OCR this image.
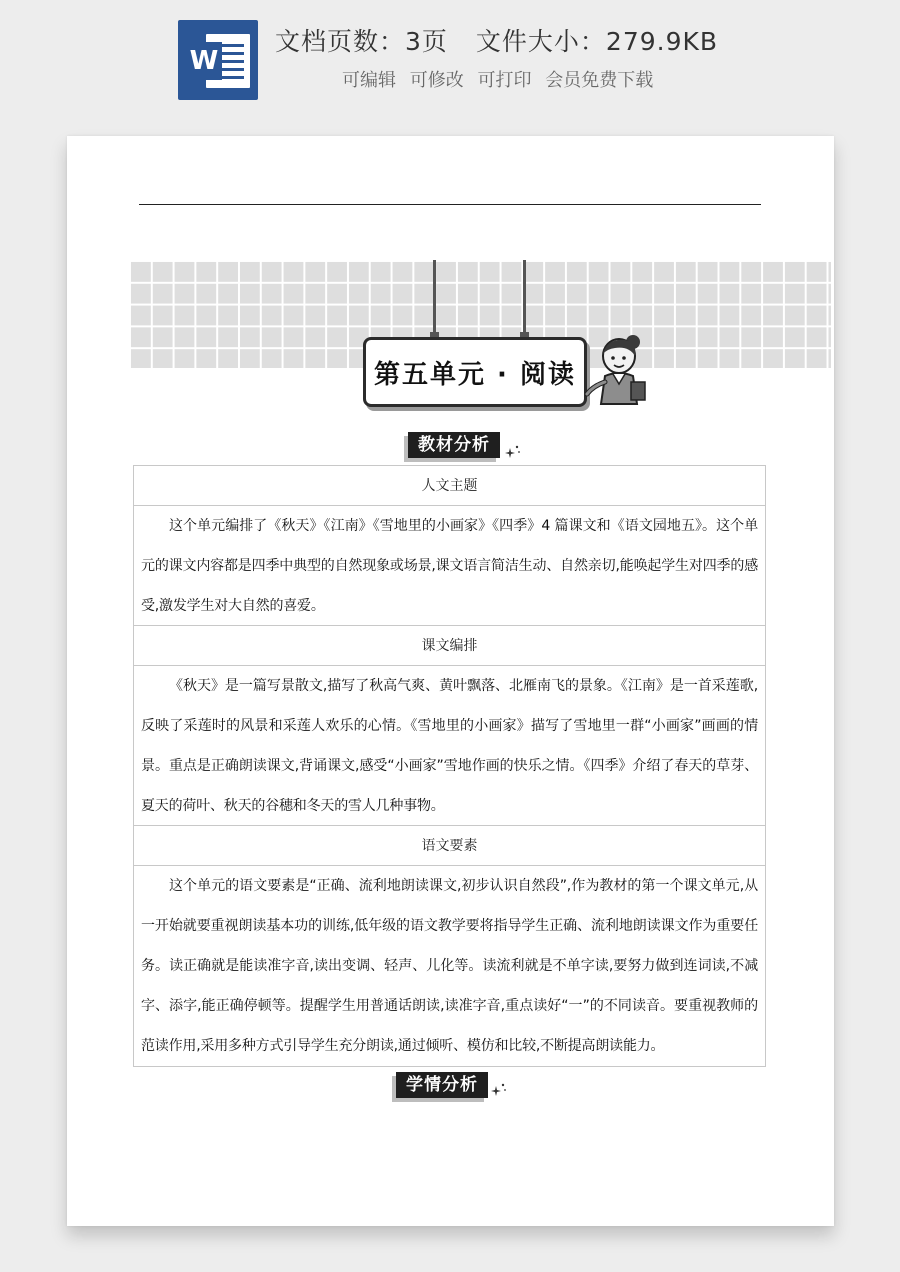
W
文档页数：3页 文件大小：279.9KB
可编辑 可修改 可打印 会员免费下载
第五单元 · 阅读
教材分析
人文主题
这个单元编排了《秋天》《江南》《雪地里的小画家》《四季》4 篇课文和《语文园地五》。这个单元的课文内容都是四季中典型的自然现象或场景,课文语言简洁生动、自然亲切,能唤起学生对四季的感受,激发学生对大自然的喜爱。
课文编排
《秋天》是一篇写景散文,描写了秋高气爽、黄叶飘落、北雁南飞的景象。《江南》是一首采莲歌,反映了采莲时的风景和采莲人欢乐的心情。《雪地里的小画家》描写了雪地里一群“小画家”画画的情景。重点是正确朗读课文,背诵课文,感受“小画家”雪地作画的快乐之情。《四季》介绍了春天的草芽、夏天的荷叶、秋天的谷穗和冬天的雪人几种事物。
语文要素
这个单元的语文要素是“正确、流利地朗读课文,初步认识自然段”,作为教材的第一个课文单元,从一开始就要重视朗读基本功的训练,低年级的语文教学要将指导学生正确、流利地朗读课文作为重要任务。读正确就是能读准字音,读出变调、轻声、儿化等。读流利就是不单字读,要努力做到连词读,不减字、添字,能正确停顿等。提醒学生用普通话朗读,读准字音,重点读好“一”的不同读音。要重视教师的范读作用,采用多种方式引导学生充分朗读,通过倾听、模仿和比较,不断提高朗读能力。
学情分析
